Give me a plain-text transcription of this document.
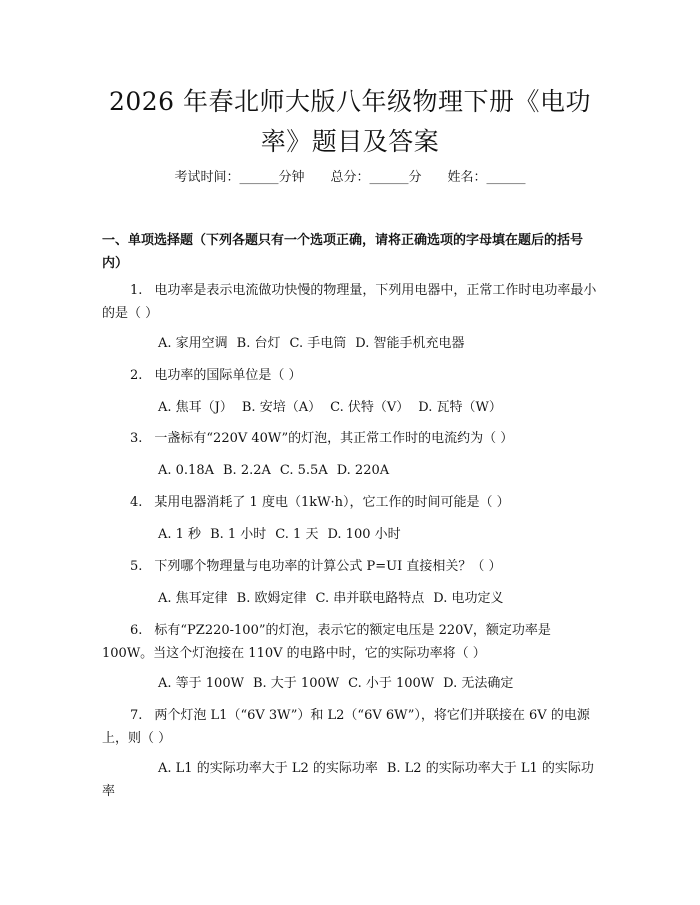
2026 年春北师大版八年级物理下册《电功
率》题目及答案
考试时间：______分钟 总分：______分 姓名：______
一、单项选择题（下列各题只有一个选项正确，请将正确选项的字母填在题后的括号内）
1. 电功率是表示电流做功快慢的物理量，下列用电器中，正常工作时电功率最小的是（ ）
A. 家用空调 B. 台灯 C. 手电筒 D. 智能手机充电器
2. 电功率的国际单位是（ ）
A. 焦耳（J） B. 安培（A） C. 伏特（V） D. 瓦特（W）
3. 一盏标有“220V 40W”的灯泡，其正常工作时的电流约为（ ）
A. 0.18A B. 2.2A C. 5.5A D. 220A
4. 某用电器消耗了 1 度电（1kW·h），它工作的时间可能是（ ）
A. 1 秒 B. 1 小时 C. 1 天 D. 100 小时
5. 下列哪个物理量与电功率的计算公式 P=UI 直接相关？（ ）
A. 焦耳定律 B. 欧姆定律 C. 串并联电路特点 D. 电功定义
6. 标有“PZ220-100”的灯泡，表示它的额定电压是 220V，额定功率是 100W。当这个灯泡接在 110V 的电路中时，它的实际功率将（ ）
A. 等于 100W B. 大于 100W C. 小于 100W D. 无法确定
7. 两个灯泡 L1（“6V 3W”）和 L2（“6V 6W”），将它们并联接在 6V 的电源上，则（ ）
A. L1 的实际功率大于 L2 的实际功率 B. L2 的实际功率大于 L1 的实际功率
